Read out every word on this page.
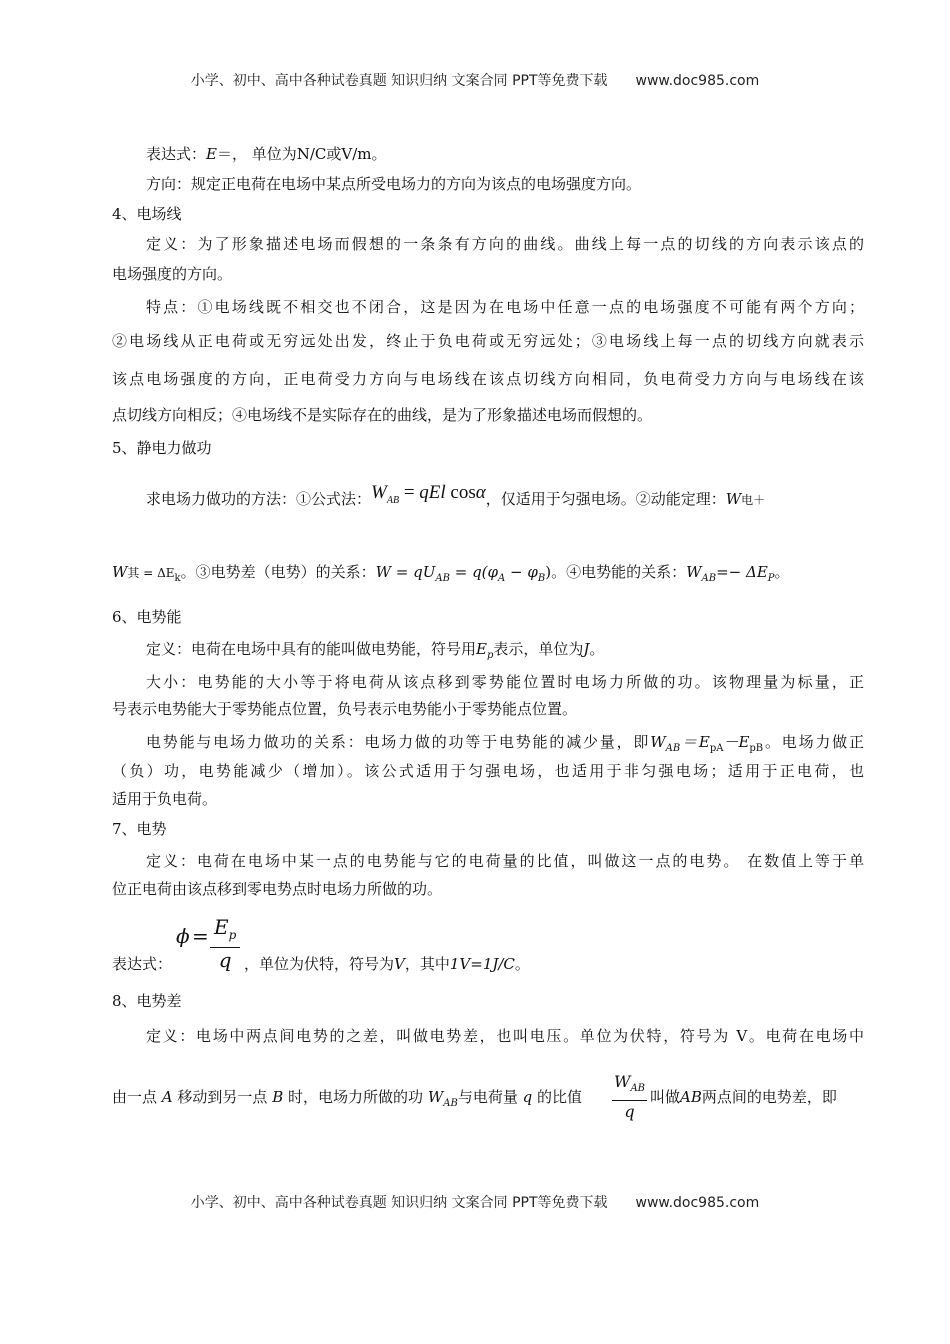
小学、初中、高中各种试卷真题 知识归纳 文案合同 PPT等免费下载 www.doc985.com
表达式：E＝， 单位为N/C或V/m。
方向：规定正电荷在电场中某点所受电场力的方向为该点的电场强度方向。
4、电场线
定义：为了形象描述电场而假想的一条条有方向的曲线。曲线上每一点的切线的方向表示该点的
电场强度的方向。
特点：①电场线既不相交也不闭合，这是因为在电场中任意一点的电场强度不可能有两个方向；
②电场线从正电荷或无穷远处出发，终止于负电荷或无穷远处；③电场线上每一点的切线方向就表示
该点电场强度的方向，正电荷受力方向与电场线在该点切线方向相同，负电荷受力方向与电场线在该
点切线方向相反；④电场线不是实际存在的曲线，是为了形象描述电场而假想的。
5、静电力做功
求电场力做功的方法：①公式法：$W_{AB}$ = qEl cosα，仅适用于匀强电场。②动能定理：W电＋
W其 = $\Delta E_k$。③电势差（电势）的关系：$W = qU_{AB} = q(\varphi_A - \varphi_B)$。④电势能的关系：$W_{AB}=- \Delta E_P$。
6、电势能
定义：电荷在电场中具有的能叫做电势能，符号用$E_p$表示，单位为J。
大小：电势能的大小等于将电荷从该点移到零势能位置时电场力所做的功。该物理量为标量，正
号表示电势能大于零势能点位置，负号表示电势能小于零势能点位置。
电势能与电场力做功的关系：电场力做的功等于电势能的减少量，即$W_{AB}=E_{pA}-E_{pB}$。电场力做正
（负）功，电势能减少（增加）。该公式适用于匀强电场，也适用于非匀强电场；适用于正电荷，也
适用于负电荷。
7、电势
定义：电荷在电场中某一点的电势能与它的电荷量的比值，叫做这一点的电势。 在数值上等于单
位正电荷由该点移到零电势点时电场力所做的功。
表达式：
$\phi = E_p$
q ，单位为伏特，符号为V，其中1V=1J/C。
8、电势差
定义：电场中两点间电势的之差，叫做电势差，也叫电压。单位为伏特，符号为 V。电荷在电场中
由一点 A 移动到另一点 B 时，电场力所做的功 $W_{AB}$与电荷量 q 的比值
$W_{AB}$
q
叫做AB两点间的电势差，即
小学、初中、高中各种试卷真题 知识归纳 文案合同 PPT等免费下载 www.doc985.com
